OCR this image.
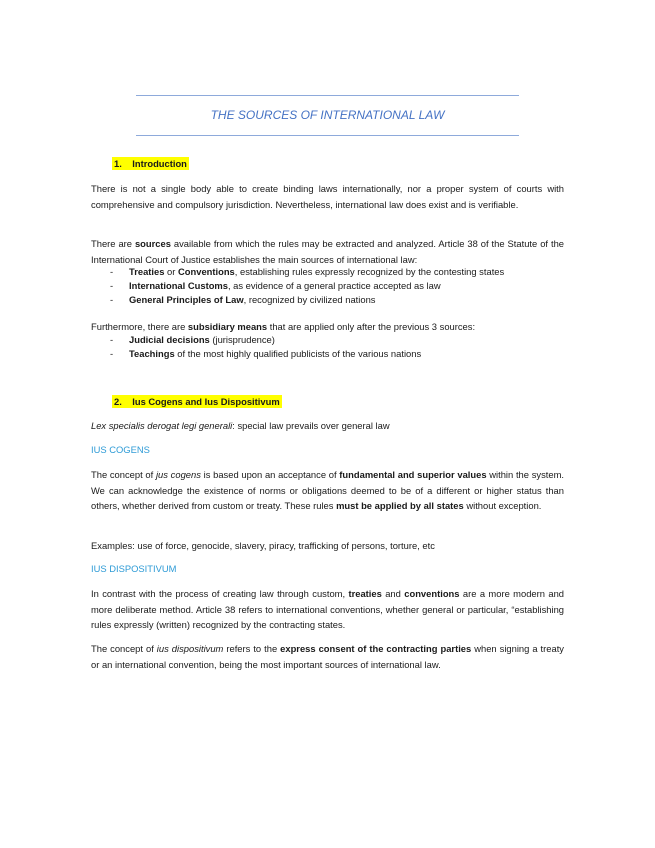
THE SOURCES OF INTERNATIONAL LAW
1.    Introduction
There is not a single body able to create binding laws internationally, nor a proper system of courts with comprehensive and compulsory jurisdiction. Nevertheless, international law does exist and is verifiable.
There are sources available from which the rules may be extracted and analyzed. Article 38 of the Statute of the International Court of Justice establishes the main sources of international law:
- Treaties or Conventions, establishing rules expressly recognized by the contesting states
- International Customs, as evidence of a general practice accepted as law
- General Principles of Law, recognized by civilized nations
Furthermore, there are subsidiary means that are applied only after the previous 3 sources:
- Judicial decisions (jurisprudence)
- Teachings of the most highly qualified publicists of the various nations
2.    Ius Cogens and Ius Dispositivum
Lex specialis derogat legi generali: special law prevails over general law
IUS COGENS
The concept of jus cogens is based upon an acceptance of fundamental and superior values within the system. We can acknowledge the existence of norms or obligations deemed to be of a different or higher status than others, whether derived from custom or treaty. These rules must be applied by all states without exception.
Examples: use of force, genocide, slavery, piracy, trafficking of persons, torture, etc
IUS DISPOSITIVUM
In contrast with the process of creating law through custom, treaties and conventions are a more modern and more deliberate method. Article 38 refers to international conventions, whether general or particular, “establishing rules expressly (written) recognized by the contracting states.
The concept of ius dispositivum refers to the express consent of the contracting parties when signing a treaty or an international convention, being the most important sources of international law.
